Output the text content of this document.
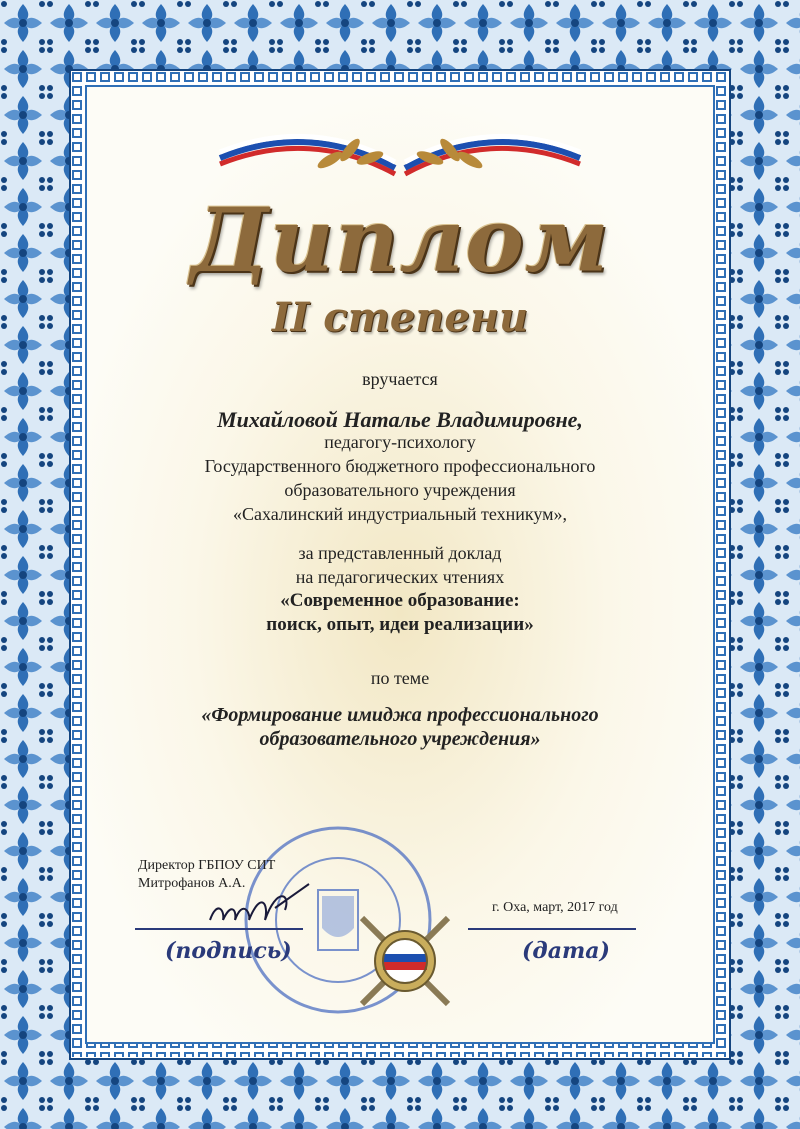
Диплом
II степени
вручается
Михайловой Наталье Владимировне,
педагогу-психологу
Государственного бюджетного профессионального
образовательного учреждения
«Сахалинский индустриальный техникум»,
за представленный доклад
на педагогических чтениях
«Современное образование:
поиск, опыт, идеи реализации»
по теме
«Формирование имиджа профессионального
образовательного учреждения»
Директор ГБПОУ СИТ
Митрофанов А.А.
г. Оха, март, 2017 год
(подпись)	(дата)
